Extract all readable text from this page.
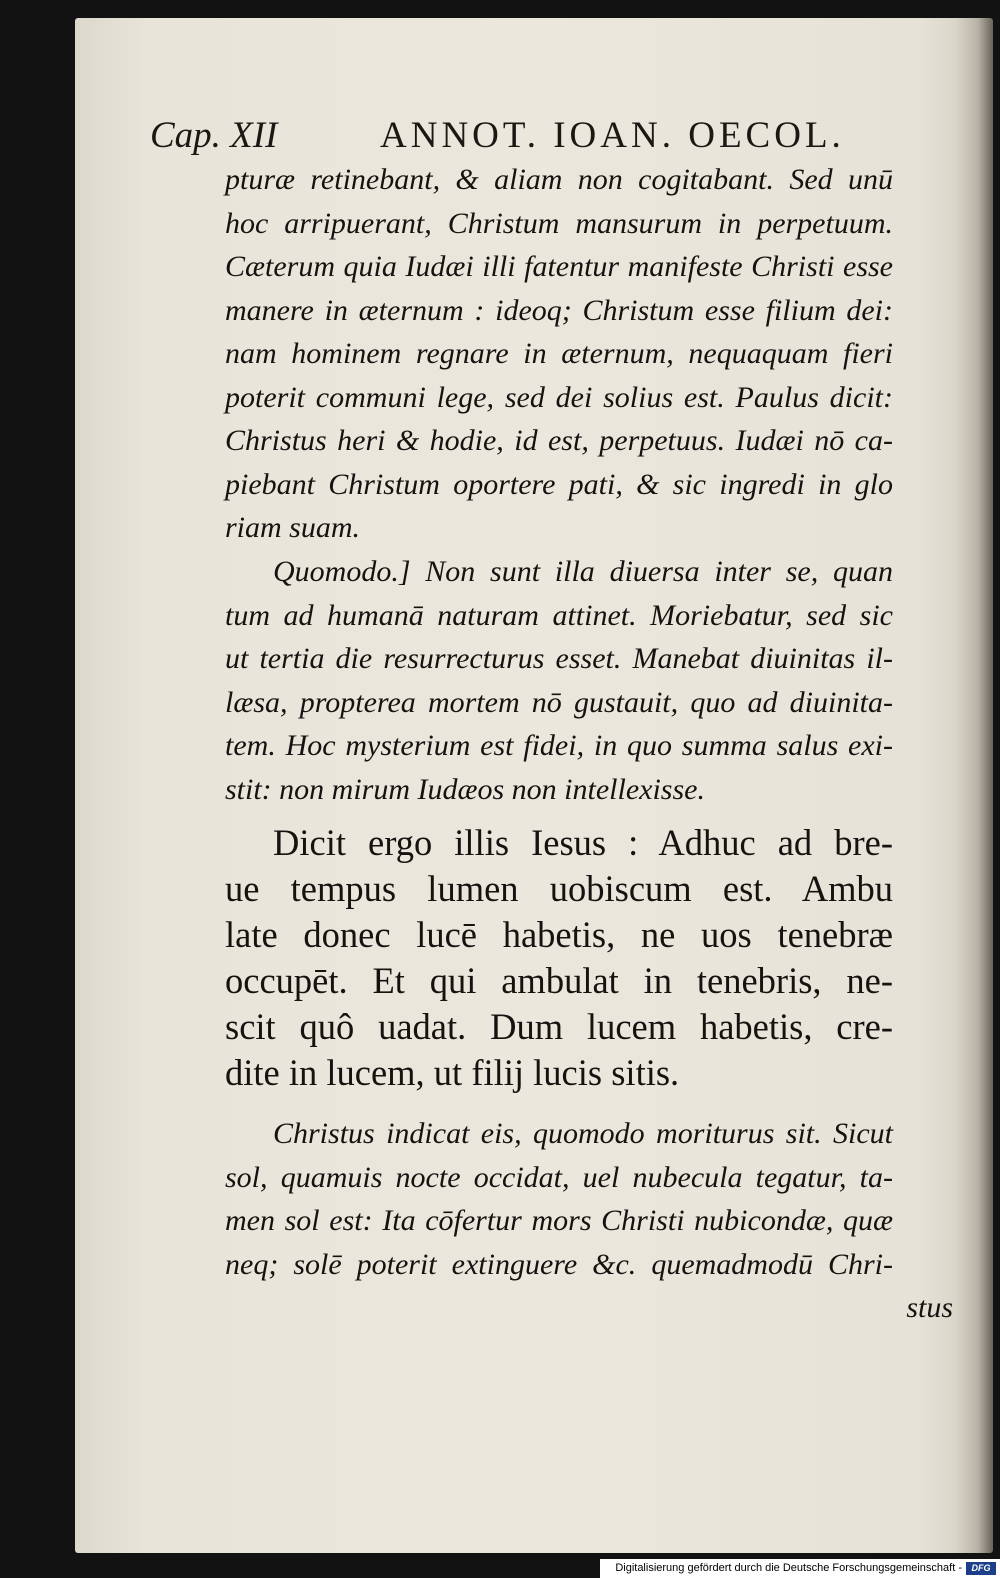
Cap. XII	ANNOT. IOAN. OECOL.
pturæ retinebant, & aliam non cogitabant. Sed unū
hoc arripuerant, Christum mansurum in perpetuum.
Cæterum quia Iudæi illi fatentur manifeste Christi esse
manere in æternum : ideoq; Christum esse filium dei:
nam hominem regnare in æternum, nequaquam fieri
poterit communi lege, sed dei solius est. Paulus dicit:
Christus heri & hodie, id est, perpetuus. Iudæi nō ca-
piebant Christum oportere pati, & sic ingredi in glo
riam suam.
Quomodo.] Non sunt illa diuersa inter se, quan
tum ad humanā naturam attinet. Moriebatur, sed sic
ut tertia die resurrecturus esset. Manebat diuinitas il-
læsa, propterea mortem nō gustauit, quo ad diuinita-
tem. Hoc mysterium est fidei, in quo summa salus exi-
stit: non mirum Iudæos non intellexisse.
Dicit ergo illis Iesus : Adhuc ad bre-
ue tempus lumen uobiscum est. Ambu
late donec lucē habetis, ne uos tenebræ
occupēt. Et qui ambulat in tenebris, ne-
scit quô uadat. Dum lucem habetis, cre-
dite in lucem, ut filij lucis sitis.
Christus indicat eis, quomodo moriturus sit. Sicut
sol, quamuis nocte occidat, uel nubecula tegatur, ta-
men sol est: Ita cōfertur mors Christi nubicondæ, quæ
neq; solē poterit extinguere &c. quemadmodū Chri-
stus
Digitalisierung gefördert durch die Deutsche Forschungsgemeinschaft -	DFG
